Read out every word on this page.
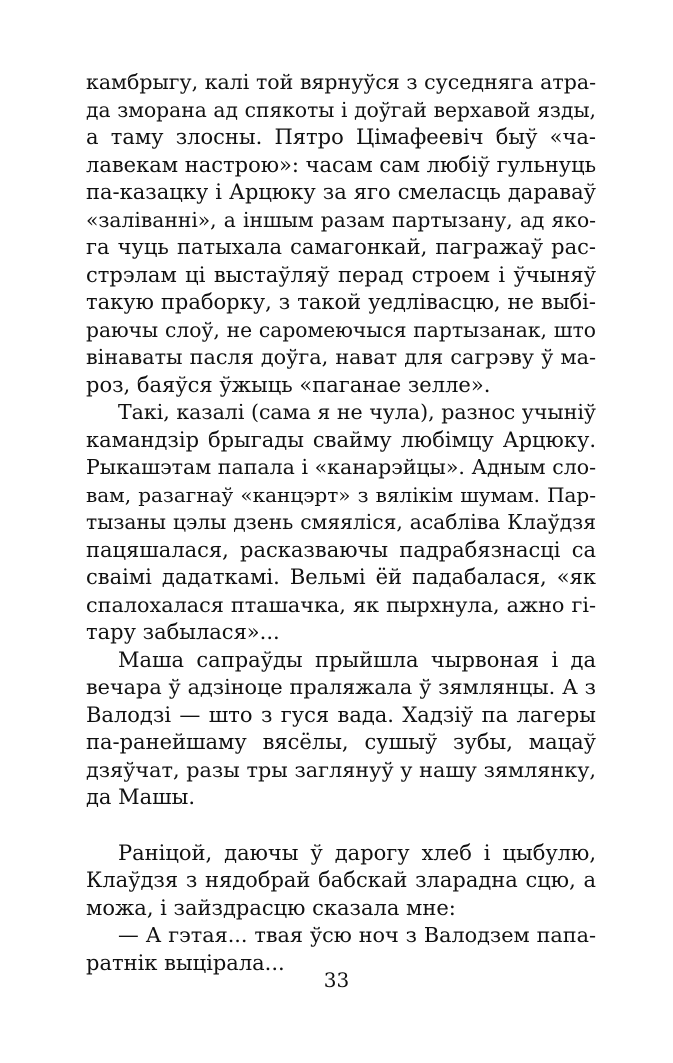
камбрыгу, калі той вярнуўся з суседняга атра-
да зморана ад спякоты і доўгай верхавой язды,
а таму злосны. Пятро Цімафеевіч быў «ча-
лавекам настрою»: часам сам любіў гульнуць
па-казацку і Арцюку за яго смеласць дараваў
«заліванні», а іншым разам партызану, ад яко-
га чуць патыхала самагонкай, пагражаў рас-
стрэлам ці выстаўляў перад строем і ўчыняў
такую праборку, з такой уедлівасцю, не выбі-
раючы слоў, не саромеючыся партызанак, што
вінаваты пасля доўга, нават для сагрэву ў ма-
роз, баяўся ўжыць «паганае зелле».
Такі, казалі (сама я не чула), разнос учыніў
камандзір брыгады свайму любімцу Арцюку.
Рыкашэтам папала і «канарэйцы». Адным сло-
вам, разагнаў «канцэрт» з вялікім шумам. Пар-
тызаны цэлы дзень смяяліся, асабліва Клаўдзя
пацяшалася, расказваючы падрабязнасці са
сваімі дадаткамі. Вельмі ёй падабалася, «як
спалохалася пташачка, як пырхнула, ажно гі-
тару забылася»...
Маша сапраўды прыйшла чырвоная і да
вечара ў адзіноце праляжала ў зямлянцы. А з
Валодзі — што з гуся вада. Хадзіў па лагеры
па-ранейшаму вясёлы, сушыў зубы, мацаў
дзяўчат, разы тры заглянуў у нашу зямлянку,
да Машы.
Раніцой, даючы ў дарогу хлеб і цыбулю,
Клаўдзя з нядобрай бабскай зларадна сцю, а
можа, і зайздрасцю сказала мне:
— А гэтая... твая ўсю ноч з Валодзем папа-
ратнік выцірала...
33
